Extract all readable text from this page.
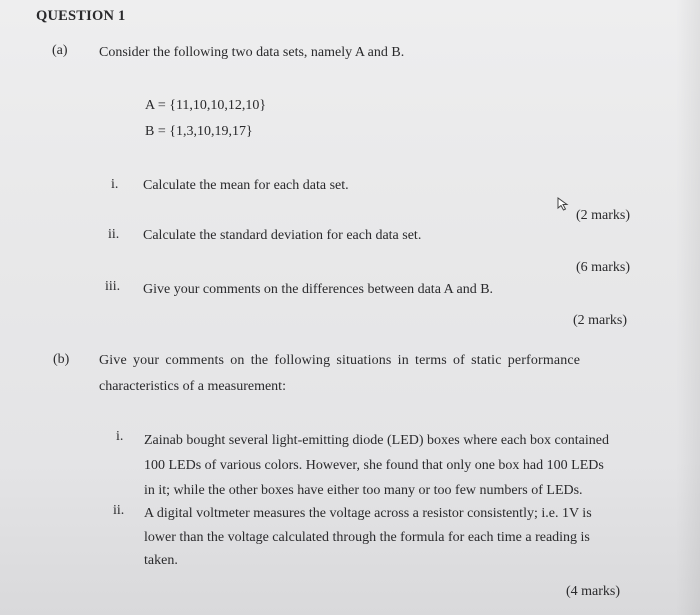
QUESTION 1
(a) Consider the following two data sets, namely A and B.
A = {11,10,10,12,10}
B = {1,3,10,19,17}
i. Calculate the mean for each data set.
(2 marks)
ii. Calculate the standard deviation for each data set.
(6 marks)
iii. Give your comments on the differences between data A and B.
(2 marks)
(b) Give your comments on the following situations in terms of static performance
characteristics of a measurement:
i. Zainab bought several light-emitting diode (LED) boxes where each box contained
100 LEDs of various colors. However, she found that only one box had 100 LEDs
in it; while the other boxes have either too many or too few numbers of LEDs.
ii. A digital voltmeter measures the voltage across a resistor consistently; i.e. 1V is
lower than the voltage calculated through the formula for each time a reading is
taken.
(4 marks)
